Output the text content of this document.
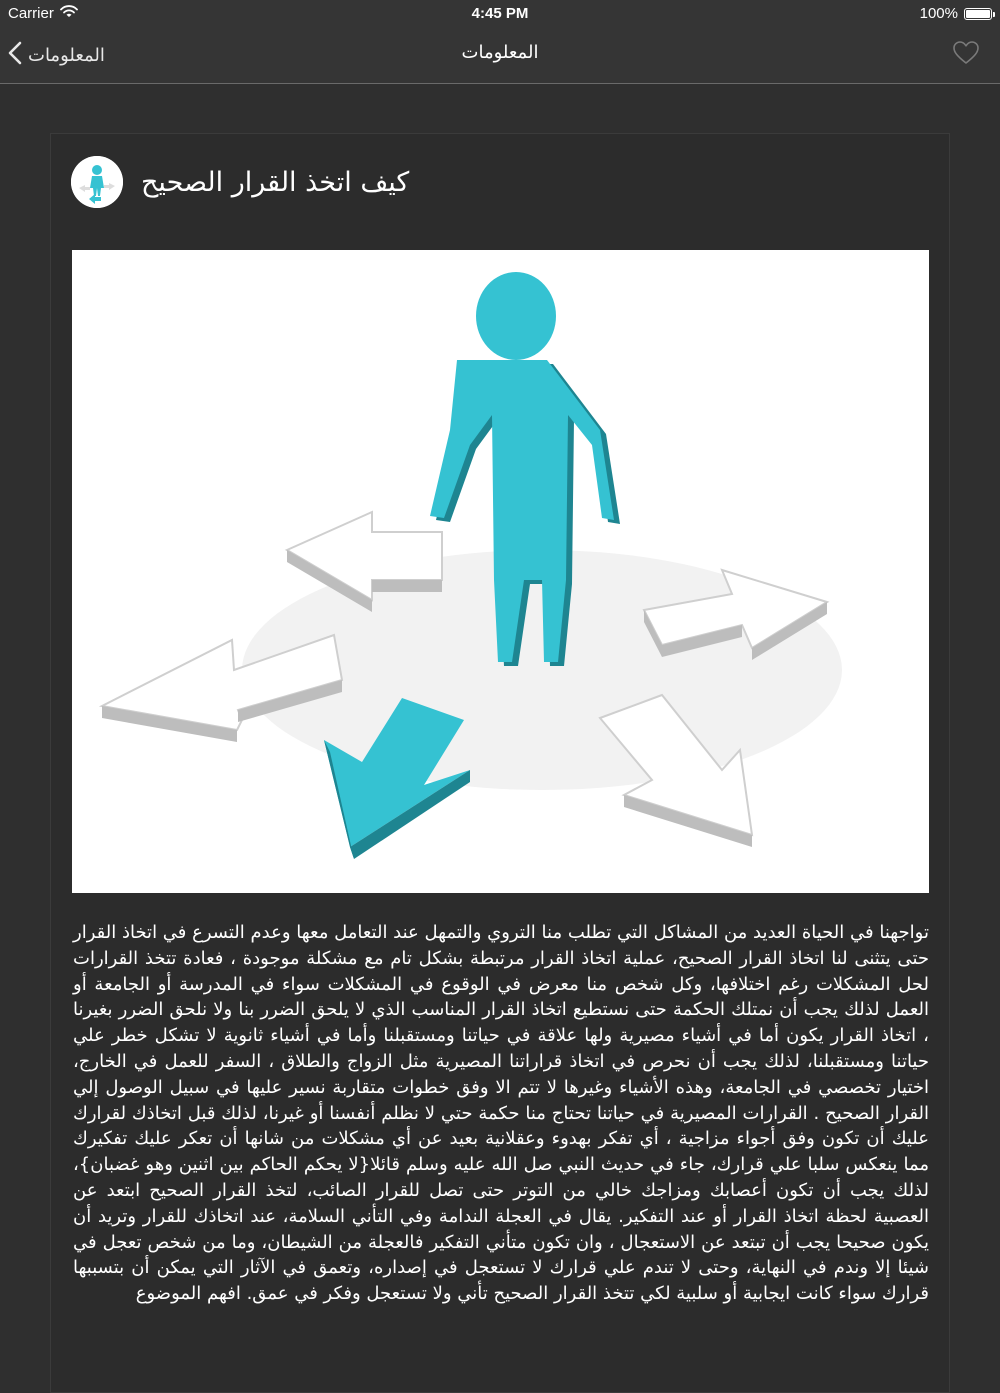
Carrier	4:45 PM	100%
المعلومات	المعلومات
كيف اتخذ القرار الصحيح
تواجهنا في الحياة العديد من المشاكل التي تطلب منا التروي والتمهل عند التعامل معها وعدم التسرع في اتخاذ القرار حتى يتثنى لنا اتخاذ القرار الصحيح، عملية اتخاذ القرار مرتبطة بشكل تام مع مشكلة موجودة ، فعادة تتخذ القرارات لحل المشكلات رغم اختلافها، وكل شخص منا معرض في الوقوع في المشكلات سواء في المدرسة أو الجامعة أو العمل لذلك يجب أن نمتلك الحكمة حتى نستطيع اتخاذ القرار المناسب الذي لا يلحق الضرر بنا ولا نلحق الضرر بغيرنا ، اتخاذ القرار يكون أما في أشياء مصيرية ولها علاقة في حياتنا ومستقبلنا وأما في أشياء ثانوية لا تشكل خطر علي حياتنا ومستقبلنا، لذلك يجب أن نحرص في اتخاذ قراراتنا المصيرية مثل الزواج والطلاق ، السفر للعمل في الخارج، اختيار تخصصي في الجامعة، وهذه الأشياء وغيرها لا تتم الا وفق خطوات متقاربة نسير عليها في سبيل الوصول إلي القرار الصحيح . القرارات المصيرية في حياتنا تحتاج منا حكمة حتي لا نظلم أنفسنا أو غيرنا، لذلك قبل اتخاذك لقرارك عليك أن تكون وفق أجواء مزاجية ، أي تفكر بهدوء وعقلانية بعيد عن أي مشكلات من شانها أن تعكر عليك تفكيرك مما ينعكس سلبا علي قرارك، جاء في حديث النبي صل الله عليه وسلم قائلا{لا يحكم الحاكم بين اثنين وهو غضبان}، لذلك يجب أن تكون أعصابك ومزاجك خالي من التوتر حتى تصل للقرار الصائب، لتخذ القرار الصحيح ابتعد عن العصبية لحظة اتخاذ القرار أو عند التفكير. يقال في العجلة الندامة وفي التأني السلامة، عند اتخاذك للقرار وتريد أن يكون صحيحا يجب أن تبتعد عن الاستعجال ، وان تكون متأني التفكير فالعجلة من الشيطان، وما من شخص تعجل في شيئا إلا وندم في النهاية، وحتى لا تندم علي قرارك لا تستعجل في إصداره، وتعمق في الآثار التي يمكن أن بتسببها قرارك سواء كانت ايجابية أو سلبية لكي تتخذ القرار الصحيح تأني ولا تستعجل وفكر في عمق. افهم الموضوع
